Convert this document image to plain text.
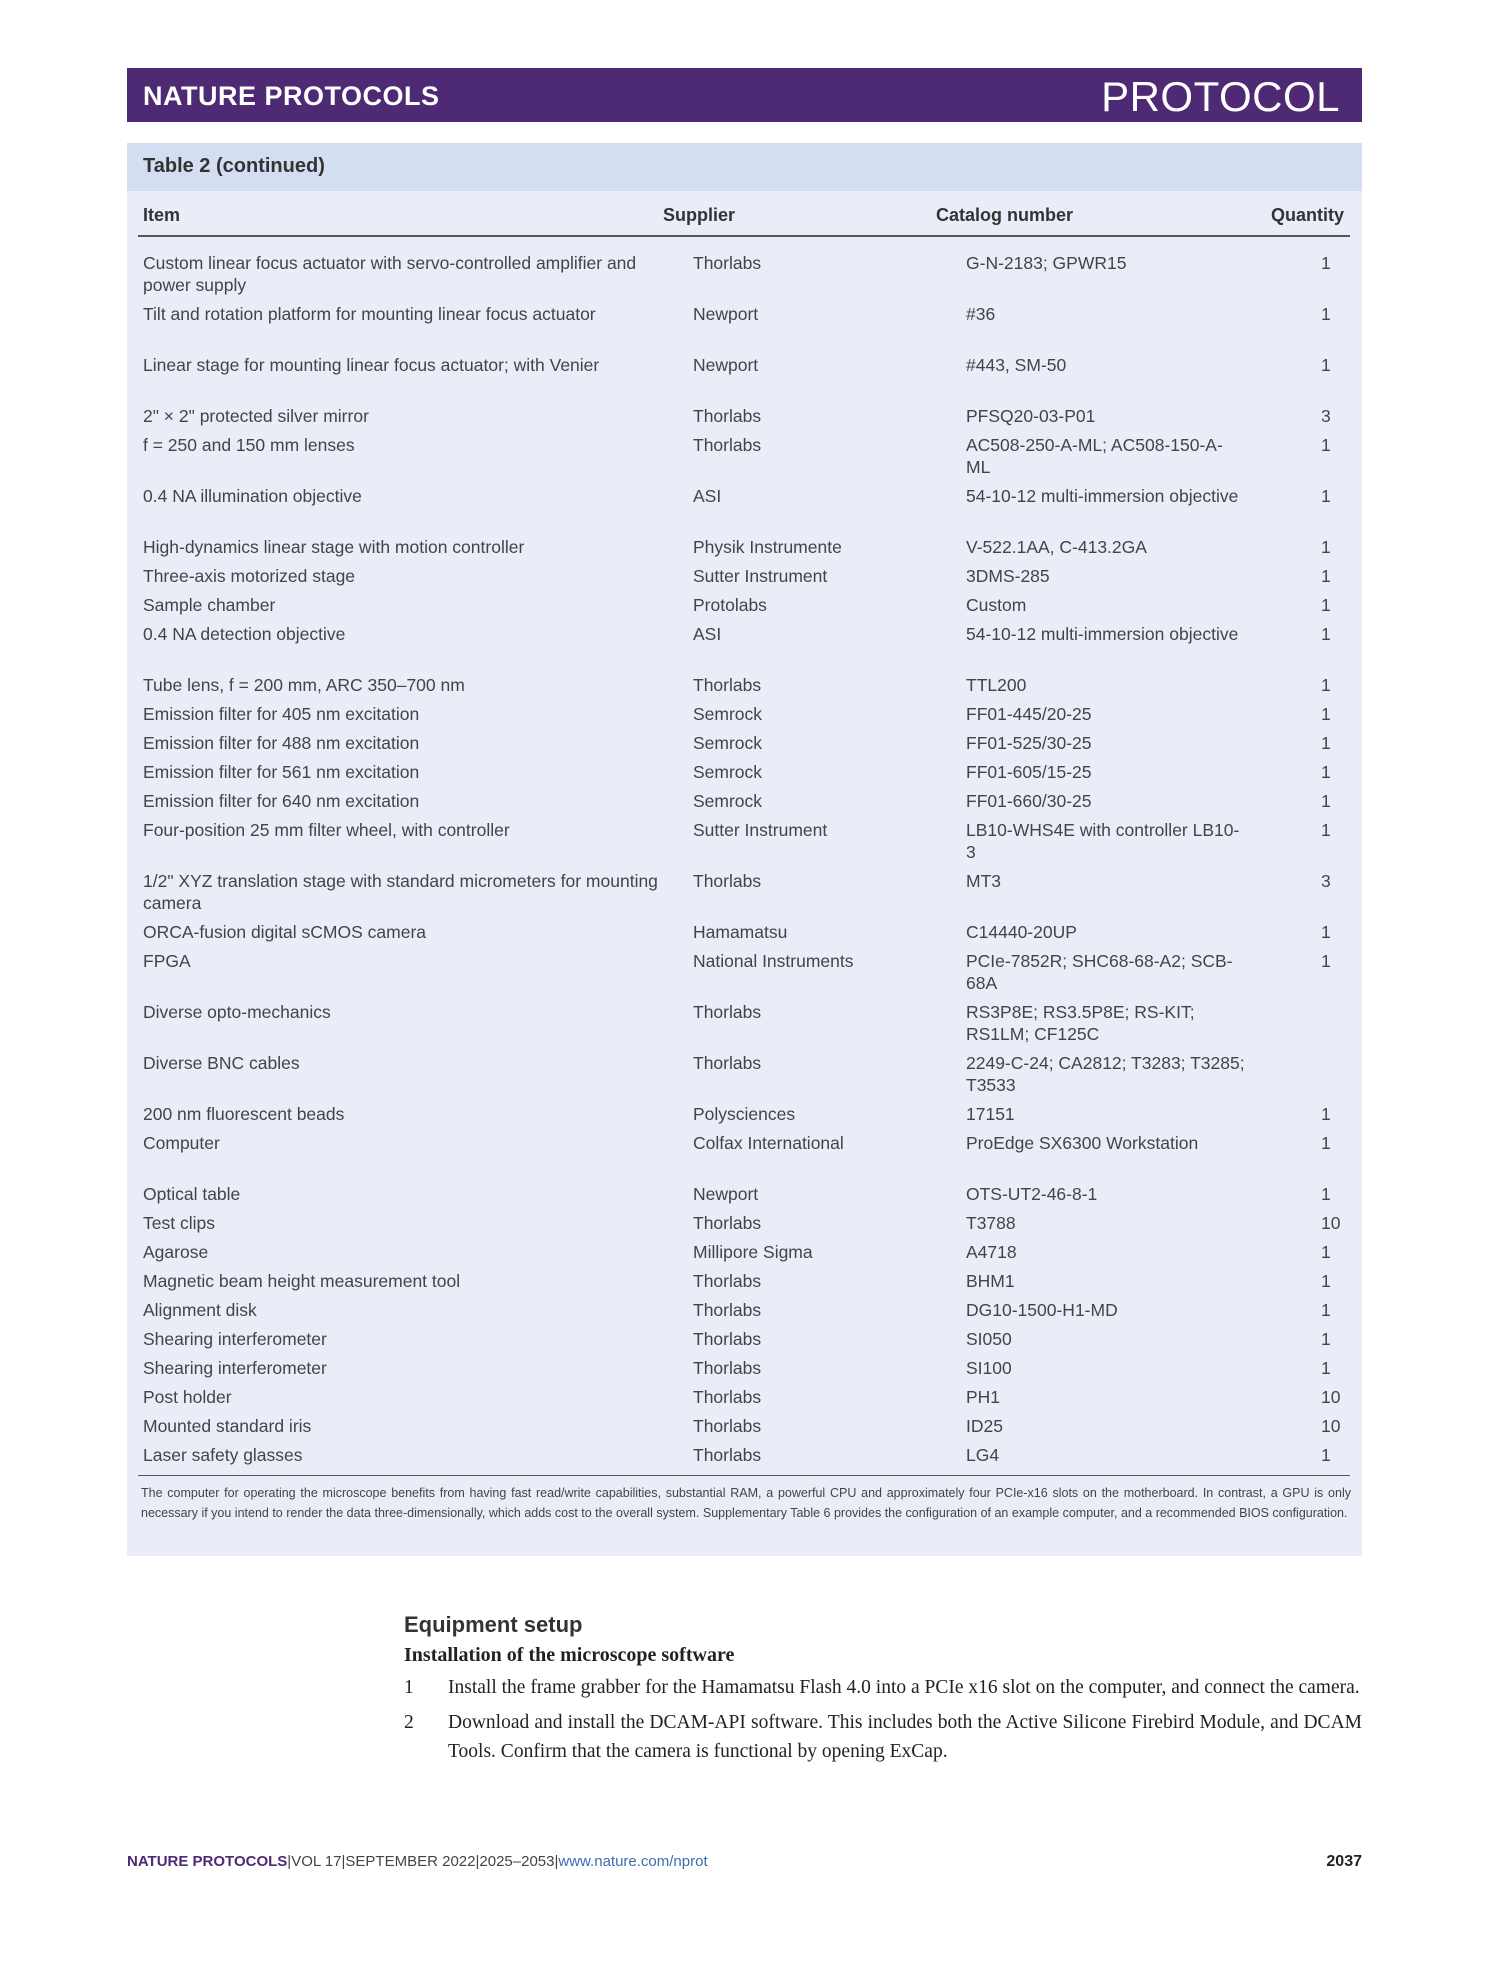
NATURE PROTOCOLS	PROTOCOL
Table 2 (continued)
Item	Supplier	Catalog number	Quantity
Custom linear focus actuator with servo-controlled amplifier and power supply	Thorlabs	G-N-2183; GPWR15	1
Tilt and rotation platform for mounting linear focus actuator	Newport	#36	1
Linear stage for mounting linear focus actuator; with Venier	Newport	#443, SM-50	1
2" × 2" protected silver mirror	Thorlabs	PFSQ20-03-P01	3
f = 250 and 150 mm lenses	Thorlabs	AC508-250-A-ML; AC508-150-A-ML	1
0.4 NA illumination objective	ASI	54-10-12 multi-immersion objective	1
High-dynamics linear stage with motion controller	Physik Instrumente	V-522.1AA, C-413.2GA	1
Three-axis motorized stage	Sutter Instrument	3DMS-285	1
Sample chamber	Protolabs	Custom	1
0.4 NA detection objective	ASI	54-10-12 multi-immersion objective	1
Tube lens, f = 200 mm, ARC 350–700 nm	Thorlabs	TTL200	1
Emission filter for 405 nm excitation	Semrock	FF01-445/20-25	1
Emission filter for 488 nm excitation	Semrock	FF01-525/30-25	1
Emission filter for 561 nm excitation	Semrock	FF01-605/15-25	1
Emission filter for 640 nm excitation	Semrock	FF01-660/30-25	1
Four-position 25 mm filter wheel, with controller	Sutter Instrument	LB10-WHS4E with controller LB10-3	1
1/2" XYZ translation stage with standard micrometers for mounting camera	Thorlabs	MT3	3
ORCA-fusion digital sCMOS camera	Hamamatsu	C14440-20UP	1
FPGA	National Instruments	PCIe-7852R; SHC68-68-A2; SCB-68A	1
Diverse opto-mechanics	Thorlabs	RS3P8E; RS3.5P8E; RS-KIT; RS1LM; CF125C	
Diverse BNC cables	Thorlabs	2249-C-24; CA2812; T3283; T3285; T3533	
200 nm fluorescent beads	Polysciences	17151	1
Computer	Colfax International	ProEdge SX6300 Workstation	1
Optical table	Newport	OTS-UT2-46-8-1	1
Test clips	Thorlabs	T3788	10
Agarose	Millipore Sigma	A4718	1
Magnetic beam height measurement tool	Thorlabs	BHM1	1
Alignment disk	Thorlabs	DG10-1500-H1-MD	1
Shearing interferometer	Thorlabs	SI050	1
Shearing interferometer	Thorlabs	SI100	1
Post holder	Thorlabs	PH1	10
Mounted standard iris	Thorlabs	ID25	10
Laser safety glasses	Thorlabs	LG4	1
The computer for operating the microscope benefits from having fast read/write capabilities, substantial RAM, a powerful CPU and approximately four PCIe-x16 slots on the motherboard. In contrast, a GPU is only necessary if you intend to render the data three-dimensionally, which adds cost to the overall system. Supplementary Table 6 provides the configuration of an example computer, and a recommended BIOS configuration.
Equipment setup
Installation of the microscope software
1 Install the frame grabber for the Hamamatsu Flash 4.0 into a PCIe x16 slot on the computer, and connect the camera.
2 Download and install the DCAM-API software. This includes both the Active Silicone Firebird Module, and DCAM Tools. Confirm that the camera is functional by opening ExCap.
NATURE PROTOCOLS|VOL 17|SEPTEMBER 2022|2025–2053|www.nature.com/nprot	2037
